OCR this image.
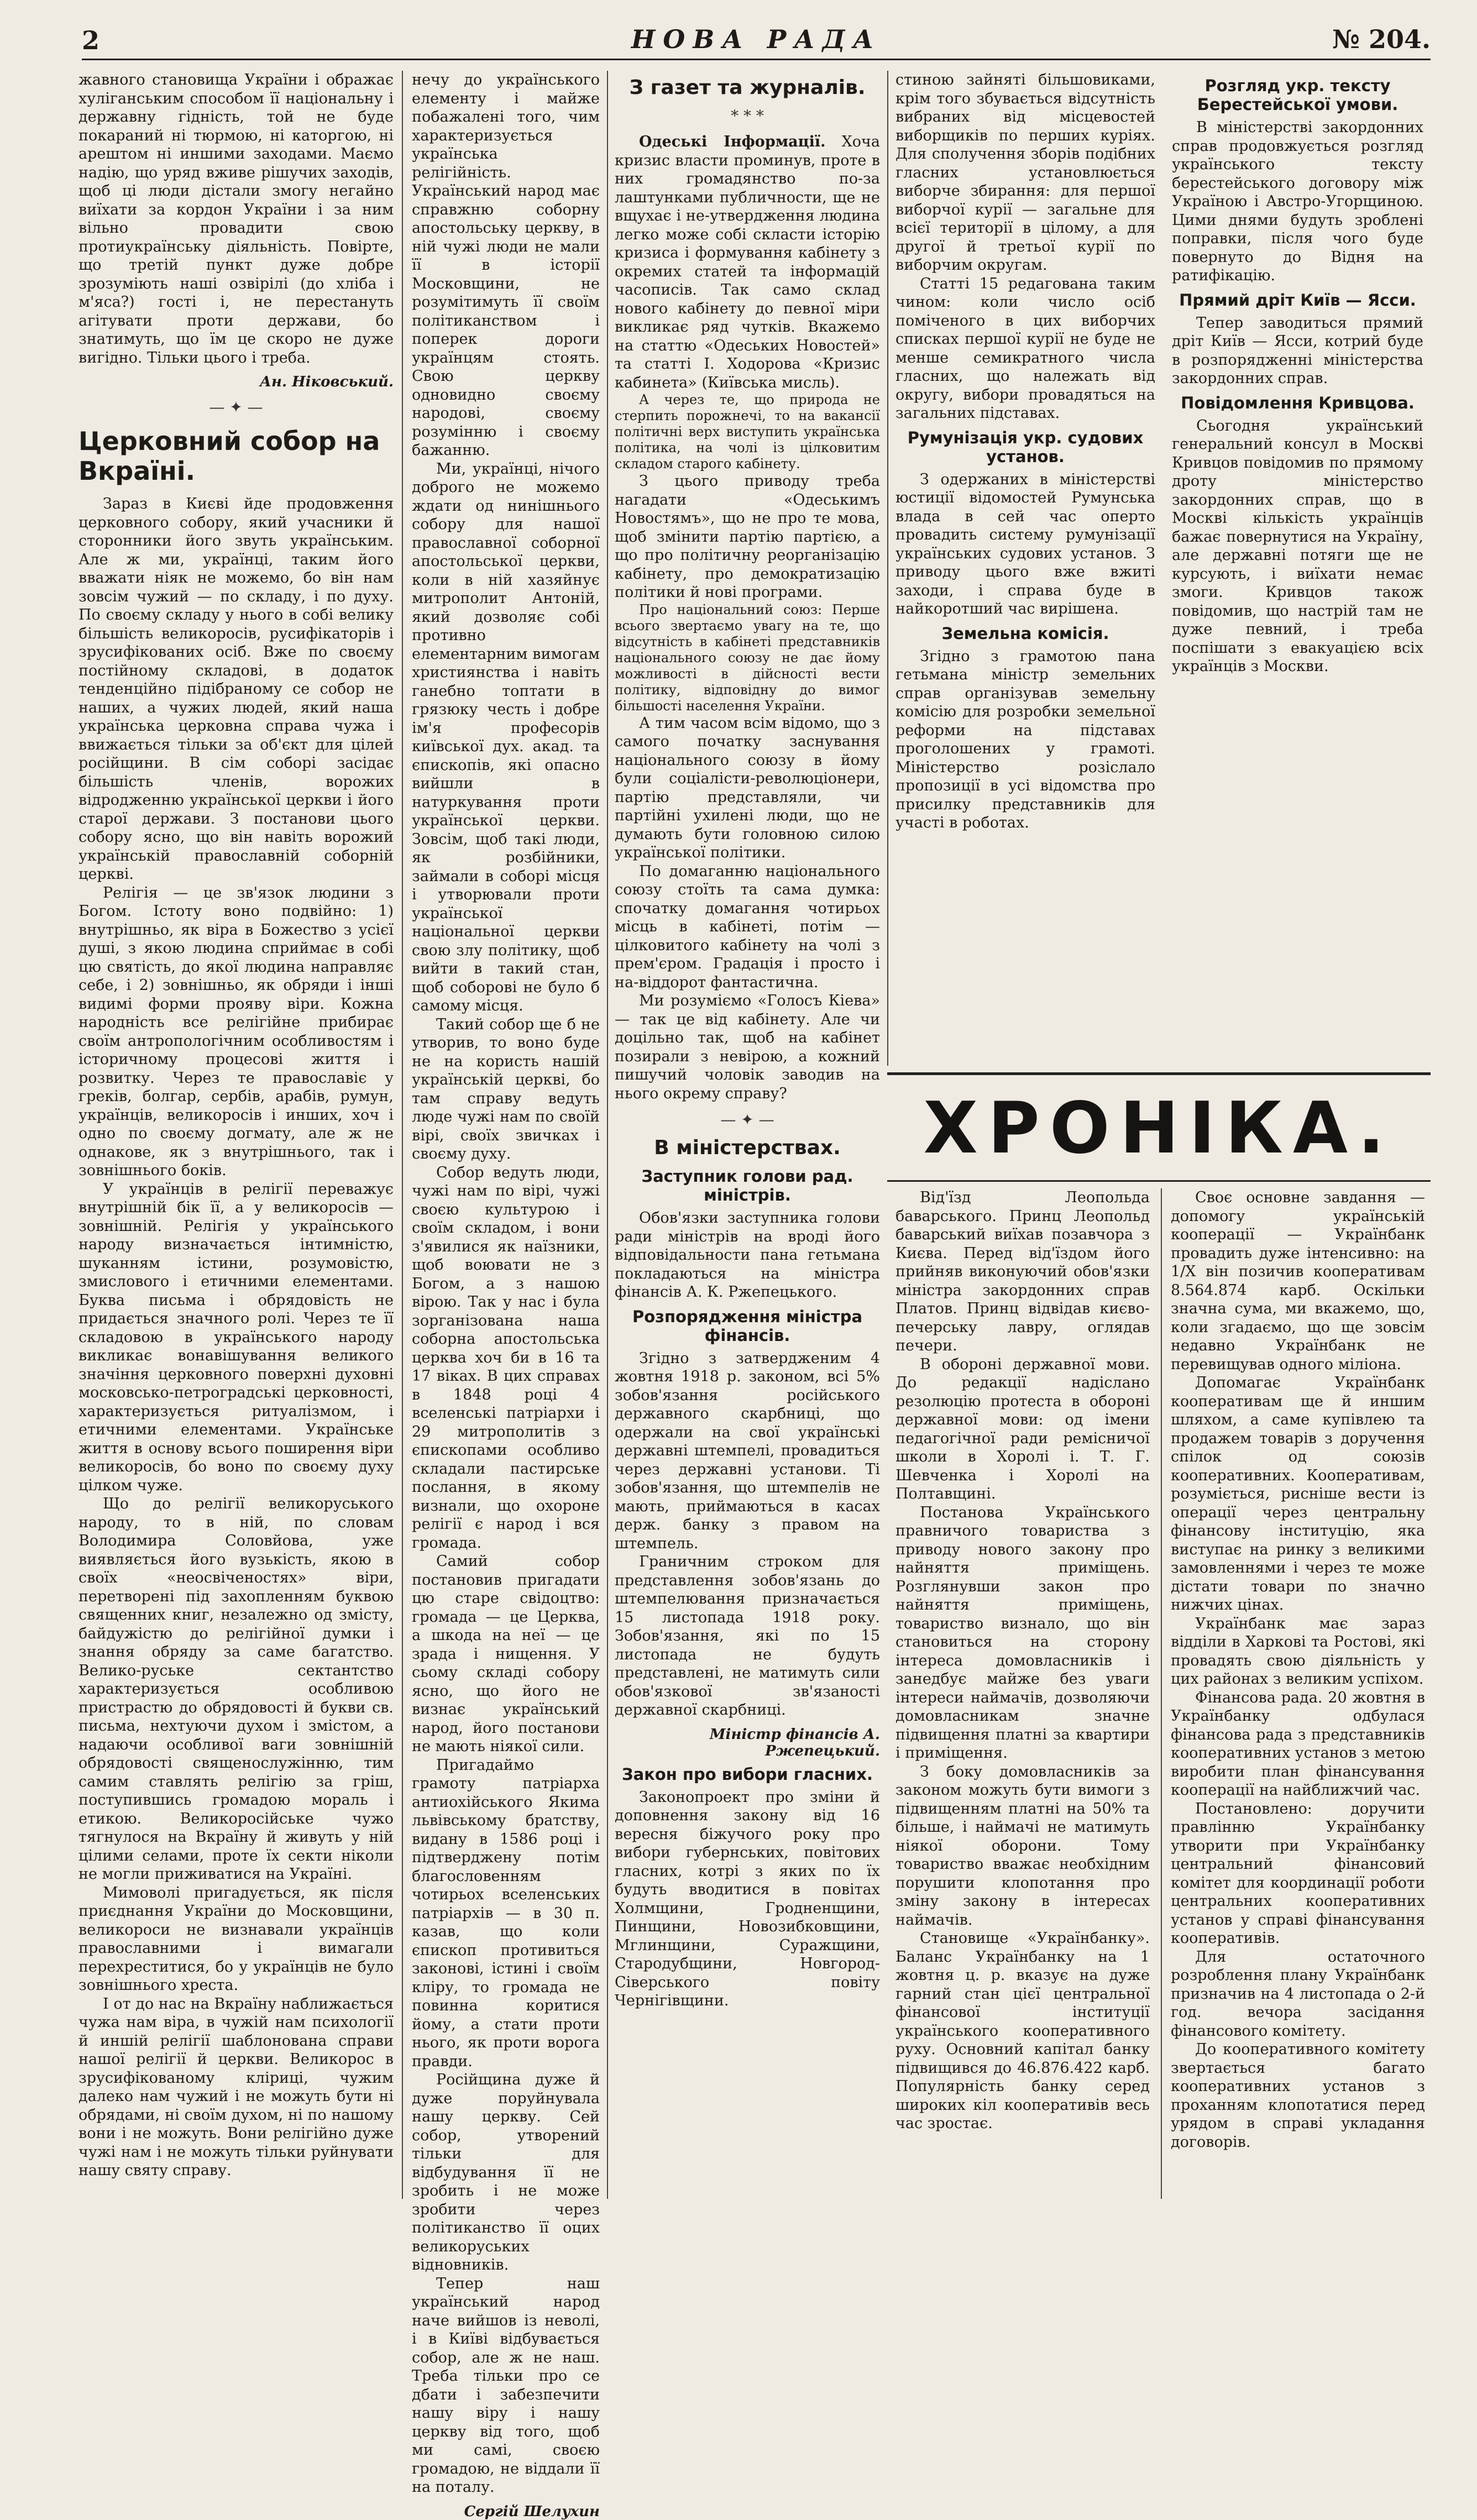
2	НОВА РАДА	№ 204.

жавного становища України і ображає хуліганським способом її національну і державну гідність, той не буде покараний ні тюрмою, ні каторгою, ні арештом ні иншими заходами. Маємо надію, що уряд вживе рішучих заходів, щоб ці люди дістали змогу негайно виїхати за кордон України і за ним вільно провадити свою протиукраїнську діяльність. Повірте, що третій пункт дуже добре зрозуміють наші озвірілі (до хліба і м'яса?) гості і, не перестануть агітувати проти держави, бо знатимуть, що їм це скоро не дуже вигідно. Тільки цього і треба.

Ан. Ніковський.
— ✦ —
Церковний собор на Вкраїні.

Зараз в Києві йде продовження церковного собору, який учасники й сторонники його звуть українським. Але ж ми, українці, таким його вважати ніяк не можемо, бо він нам зовсім чужий — по складу, і по духу. По своєму складу у нього в собі велику більшість великоросів, русифікаторів і зрусифікованих осіб. Вже по своєму постійному складові, в додаток тенденційно підібраному се собор не наших, а чужих людей, який наша українська церковна справа чужа і ввижається тільки за об'єкт для цілей російщини. В сім соборі засідає більшість членів, ворожих відродженню української церкви і його старої держави. З постанови цього собору ясно, що він навіть ворожий українській православній соборній церкві.

Релігія — це зв'язок людини з Богом. Істоту воно подвійно: 1) внутрішньо, як віра в Божество з усієї душі, з якою людина сприймає в собі цю святість, до якої людина направляє себе, і 2) зовнішньо, як обряди і інші видимі форми прояву віри. Кожна народність все релігійне прибирає своїм антропологічним особливостям і історичному процесові життя і розвитку. Через те православіє у греків, болгар, сербів, арабів, румун, українців, великоросів і инших, хоч і одно по своєму догмату, але ж не однакове, як з внутрішнього, так і зовнішнього боків.

У українців в релігії переважує внутрішній бік її, а у великоросів — зовнішній. Релігія у українського народу визначається інтимністю, шуканням істини, розумовістю, змислового і етичними елементами. Буква письма і обрядовість не придається значного ролі. Через те її складовою в українського народу викликає вонавішування великого значіння церковного поверхні духовні московсько-петроградські церковності, характеризується ритуалізмом, і етичними елементами. Українське життя в основу всього поширення віри великоросів, бо воно по своєму духу цілком чуже.

Що до релігії великоруського народу, то в ній, по словам Володимира Соловйова, уже виявляється його вузькість, якою в своїх «неосвіченостях» віри, перетворені під захопленням буквою священних книг, незалежно од змісту, байдужістю до релігійної думки і знання обряду за саме багатство. Велико-руське сектантство характеризується особливою пристрастю до обрядовості й букви св. письма, нехтуючи духом і змістом, а надаючи особливої ваги зовнішній обрядовості священослужінню, тим самим ставлять релігію за гріш, поступившись громадою мораль і етикою. Великоросійське чужо тягнулося на Вкраїну й живуть у ній цілими селами, проте їх секти ніколи не могли приживатися на Україні.

Мимоволі пригадується, як після приєднання України до Московщини, великороси не визнавали українців православними і вимагали перехреститися, бо у українців не було зовнішнього хреста.

І от до нас на Вкраїну наближається чужа нам віра, в чужій нам психології й иншій релігії шаблонована справи нашої релігії й церкви. Великорос в зрусифікованому кліриці, чужим далеко нам чужий і не можуть бути ні обрядами, ні своїм духом, ні по нашому вони і не можуть. Вони релігійно дуже чужі нам і не можуть тільки руйнувати нашу святу справу.

нечу до українського елементу і майже побажалені того, чим характеризується українська релігійність. Український народ має справжню соборну апостольську церкву, в ній чужі люди не мали її в історії Московщини, не розумітимуть її своїм політиканством і поперек дороги українцям стоять. Свою церкву одновидно своєму народові, своєму розумінню і своєму бажанню.

Ми, українці, нічого доброго не можемо ждати од нинішнього собору для нашої православної соборної апостольської церкви, коли в ній хазяйнує митрополит Антоній, який дозволяє собі противно елементарним вимогам християнства і навіть ганебно топтати в грязюку честь і добре ім'я професорів київської дух. акад. та єпископів, які опасно вийшли в натуркування проти української церкви. Зовсім, щоб такі люди, як розбійники, займали в соборі місця і утворювали проти української національної церкви свою злу політику, щоб вийти в такий стан, щоб соборові не було б самому місця.

Такий собор ще б не утворив, то воно буде не на користь нашій українській церкві, бо там справу ведуть люде чужі нам по своїй вірі, своїх звичках і своєму духу.

Собор ведуть люди, чужі нам по вірі, чужі своєю культурою і своїм складом, і вони з'явилися як наїзники, щоб воювати не з Богом, а з нашою вірою. Так у нас і була зорганізована наша соборна апостольська церква хоч би в 16 та 17 віках. В цих справах в 1848 році 4 вселенські патріархи і 29 митрополитів з єпископами особливо складали пастирське послання, в якому визнали, що охороне релігії є народ і вся громада.

Самий собор постановив пригадати цю старе свідоцтво: громада — це Церква, а шкода на неї — це зрада і нищення. У сьому складі собору ясно, що його не визнає український народ, його постанови не мають ніякої сили.

Пригадаймо грамоту патріарха антиохійського Якима львівському братству, видану в 1586 році і підтверджену потім благословенням чотирьох вселенських патріархів — в 30 п. казав, що коли єпископ противиться законові, істині і своїм кліру, то громада не повинна коритися йому, а стати проти нього, як проти ворога правди.

Російщина дуже й дуже поруйнувала нашу церкву. Сей собор, утворений тільки для відбудування її не зробить і не може зробити через політиканство її оцих великоруських відновників.

Тепер наш український народ наче вийшов із неволі, і в Київі відбувається собор, але ж не наш. Треба тільки про се дбати і забезпечити нашу віру і нашу церкву від того, щоб ми самі, своєю громадою, не віддали її на поталу.

Сергій Шелухин
З газет та журналів.
* * *

Одеські Інформації. Хоча кризис власти проминув, проте в них громадянство по-за лаштунками публичности, ще не вщухає і не-утвердження людина легко може собі скласти історію кризиса і формування кабінету з окремих статей та інформацій часописів. Так само склад нового кабінету до певної міри викликає ряд чутків. Вкажемо на статтю «Одеських Новостей» та статті І. Ходорова «Кризис кабинета» (Київська мисль).

А через те, що природа не стерпить порожнечі, то на вакансії політичні верх виступить українська політика, на чолі із цілковитим складом старого кабінету.

З цього приводу треба нагадати «Одеськимъ Новостямъ», що не про те мова, щоб змінити партію партією, а що про політичну реорганізацію кабінету, про демократизацію політики й нові програми.

Про національний союз: Перше всього звертаємо увагу на те, що відсутність в кабінеті представників національного союзу не дає йому можливості в дійсності вести політику, відповідну до вимог більшості населення України.

А тим часом всім відомо, що з самого початку заснування національного союзу в йому були соціалісти-революціонери, партію представляли, чи партійні ухилені люди, що не думають бути головною силою української політики.

По домаганню національного союзу стоїть та сама думка: спочатку домагання чотирьох місць в кабінеті, потім — цілковитого кабінету на чолі з прем'єром. Градація і просто і на-віддорот фантастична.

Ми розуміємо «Голосъ Кіева» — так це від кабінету. Але чи доцільно так, щоб на кабінет позирали з невірою, а кожний пишучий чоловік заводив на нього окрему справу?

— ✦ —
В міністерствах.
Заступник голови рад. міністрів.

Обов'язки заступника голови ради міністрів на вроді його відповідальности пана гетьмана покладаються на міністра фінансів А. К. Ржепецького.

Розпорядження міністра фінансів.

Згідно з затвердженим 4 жовтня 1918 р. законом, всі 5% зобов'язання російського державного скарбниці, що одержали на свої українські державні штемпелі, провадиться через державні установи. Ті зобов'язання, що штемпелів не мають, приймаються в касах держ. банку з правом на штемпель.

Граничним строком для представлення зобов'язань до штемпелювання призначається 15 листопада 1918 року. Зобов'язання, які по 15 листопада не будуть представлені, не матимуть сили обов'язкової зв'язаності державної скарбниці.

Міністр фінансів А. Ржепецький.
Закон про вибори гласних.

Законопроект про зміни й доповнення закону від 16 вересня біжучого року про вибори губернських, повітових гласних, котрі з яких по їх будуть вводитися в повітах Холмщини, Гродненщини, Пинщини, Новозибковщини, Мглинщини, Суражщини, Стародубщини, Новгород-Сіверського повіту Чернігівщини.

стиною зайняті більшовиками, крім того збувається відсутність вибраних від місцевостей виборщиків по перших куріях. Для сполучення зборів подібних гласних установлюється виборче збирання: для першої виборчої курії — загальне для всієї території в цілому, а для другої й третьої курії по виборчим округам.

Статті 15 редагована таким чином: коли число осіб поміченого в цих виборчих списках першої курії не буде не менше семикратного числа гласних, що належать від округу, вибори провадяться на загальних підставах.

Румунізація укр. судових установ.

З одержаних в міністерстві юстиції відомостей Румунська влада в сей час оперто провадить систему румунізації українських судових установ. З приводу цього вже вжиті заходи, і справа буде в найкоротший час вирішена.

Земельна комісія.

Згідно з грамотою пана гетьмана міністр земельних справ організував земельну комісію для розробки земельної реформи на підставах проголошених у грамоті. Міністерство розіслало пропозиції в усі відомства про присилку представників для участі в роботах.

Розгляд укр. тексту Берестейської умови.

В міністерстві закордонних справ продовжується розгляд українського тексту берестейського договору між Україною і Австро-Угорщиною. Цими днями будуть зроблені поправки, після чого буде повернуто до Відня на ратифікацію.

Прямий дріт Київ — Ясси.

Тепер заводиться прямий дріт Київ — Ясси, котрий буде в розпорядженні міністерства закордонних справ.

Повідомлення Кривцова.

Сьогодня український генеральний консул в Москві Кривцов повідомив по прямому дроту міністерство закордонних справ, що в Москві кількість українців бажає повернутися на Україну, але державні потяги ще не курсують, і виїхати немає змоги. Кривцов також повідомив, що настрій там не дуже певний, і треба поспішати з евакуацією всіх українців з Москви.

ХРОНІКА.

Від'їзд Леопольда баварського. Принц Леопольд баварський виїхав позавчора з Києва. Перед від'їздом його прийняв виконуючий обов'язки міністра закордонних справ Платов. Принц відвідав києво-печерську лавру, оглядав печери.

В обороні державної мови. До редакції надіслано резолюцію протеста в обороні державної мови: од імени педагогічної ради ремісничої школи в Хоролі і. Т. Г. Шевченка і Хоролі на Полтавщині.

Постанова Українського правничого товариства з приводу нового закону про найняття приміщень. Розглянувши закон про найняття приміщень, товариство визнало, що він становиться на сторону інтереса домовласників і занедбує майже без уваги інтереси наймачів, дозволяючи домовласникам значне підвищення платні за квартири і приміщення.

З боку домовласників за законом можуть бути вимоги з підвищенням платні на 50% та більше, і наймачі не матимуть ніякої оборони. Тому товариство вважає необхідним порушити клопотання про зміну закону в інтересах наймачів.

Становище «Українбанку». Баланс Українбанку на 1 жовтня ц. р. вказує на дуже гарний стан цієї центральної фінансової інституції українського кооперативного руху. Основний капітал банку підвищився до 46.876.422 карб. Популярність банку серед широких кіл кооперативів весь час зростає.

Своє основне завдання — допомогу українській кооперації — Українбанк провадить дуже інтенсивно: на 1/Х він позичив кооперативам 8.564.874 карб. Оскільки значна сума, ми вкажемо, що, коли згадаємо, що ще зовсім недавно Українбанк не перевищував одного міліона.

Допомагає Українбанк кооперативам ще й иншим шляхом, а саме купівлею та продажем товарів з доручення спілок од союзів кооперативних. Кооперативам, розуміється, рисніше вести із операції через центральну фінансову інституцію, яка виступає на ринку з великими замовленнями і через те може дістати товари по значно нижчих цінах.

Українбанк має зараз відділи в Харкові та Ростові, які провадять свою діяльність у цих районах з великим успіхом.

Фінансова рада. 20 жовтня в Українбанку одбулася фінансова рада з представників кооперативних установ з метою виробити план фінансування кооперації на найближчий час.

Постановлено: доручити правлінню Українбанку утворити при Українбанку центральний фінансовий комітет для координації роботи центральних кооперативних установ у справі фінансування кооперативів.

Для остаточного розроблення плану Українбанк призначив на 4 листопада о 2-й год. вечора засідання фінансового комітету.

До кооперативного комітету звертається багато кооперативних установ з проханням клопотатися перед урядом в справі укладання договорів.
